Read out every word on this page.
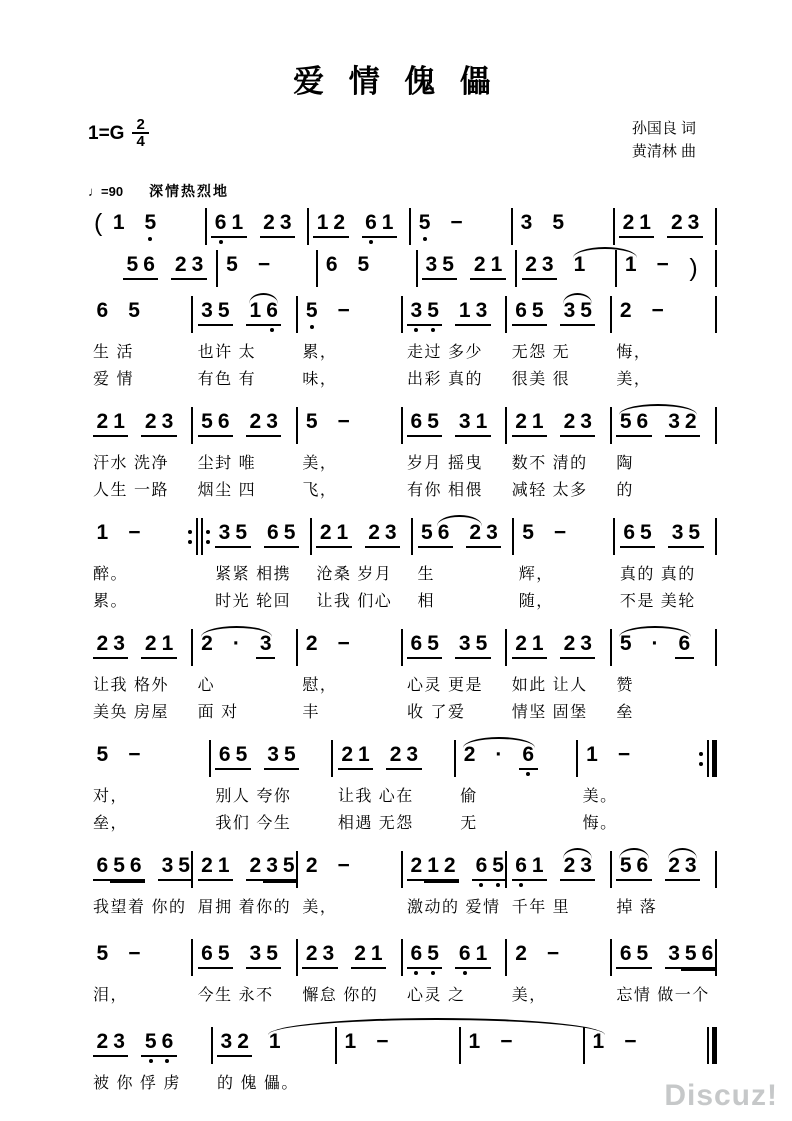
爱 情 傀 儡
$1=G \frac{2}{4}$	孙国良 词
黄清林 曲
♩=90 深情热烈地
( 1 5	6 1 2 3 1 2 6 1 5 −	3 5	2 1 2 3
5 6 2 3 5 −	6 5	3 5 2 1 2 3 1 1 − )
6 5
生 活
爱 情
3 5 1 6
也许 太
有色 有
5 −
累，
味，
3 5 1 3
走过 多少
出彩 真的
6 5 3 5
无怨 无
很美 很
2 −
悔，
美，
2 1 2 3
汗水 洗净
人生 一路
5 6 2 3
尘封 唯
烟尘 四
5 −
美，
飞，
6 5 3 1
岁月 摇曳
有你 相偎
2 1 2 3
数不 清的
减轻 太多
5 6 3 2
陶
的
1 −
醉。
累。
3 5 6 5
紧紧 相携
时光 轮回
2 1 2 3
沧桑 岁月
让我 们心
5 6 2 3
生
相
5 −
辉，
随，
6 5 3 5
真的 真的
不是 美轮
2 3 2 1
让我 格外
美奂 房屋
2 · 3
心
面 对
2 −
慰，
丰
6 5 3 5
心灵 更是
收 了爱
2 1 2 3
如此 让人
情坚 固堡
5 · 6
赞
垒
5 −
对，
垒，
6 5 3 5
别人 夸你
我们 今生
2 1 2 3
让我 心在
相遇 无怨
2 · 6
偷
无
1 −
美。
悔。
6 5 6 3 5
我望着 你的
2 1 2 3 5
眉拥 着你的
2 −
美，
2 1 2 6 5
激动的 爱情
6 1 2 3
千年 里
5 6 2 3
掉 落
5 −
泪，
6 5 3 5
今生 永不
2 3 2 1
懈怠 你的
6 5 6 1
心灵 之
2 −
美，
6 5 3 5 6
忘情 做一个
2 3 5 6
被 你 俘 虏
3 2 1
的 傀 儡。
1 −	1 −	1 −
Discuz!
